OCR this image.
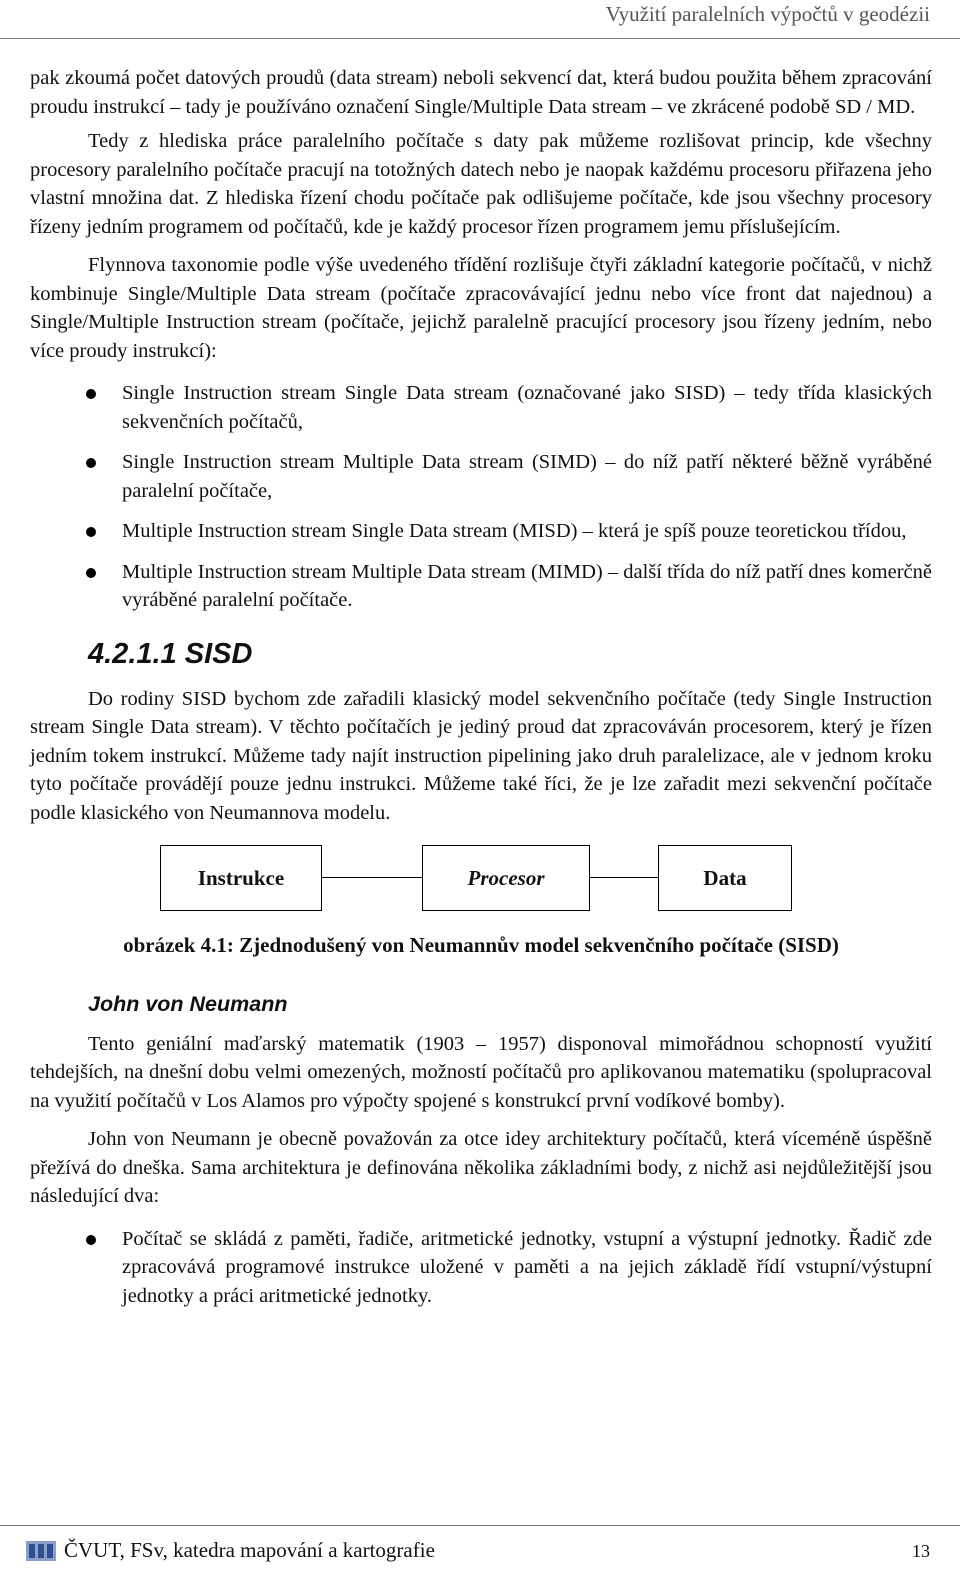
Využití paralelních výpočtů v geodézii

pak zkoumá počet datových proudů (data stream) neboli sekvencí dat, která budou použita během zpracování proudu instrukcí – tady je používáno označení Single/Multiple Data stream – ve zkrácené podobě SD / MD.

Tedy z hlediska práce paralelního počítače s daty pak můžeme rozlišovat princip, kde všechny procesory paralelního počítače pracují na totožných datech nebo je naopak každému procesoru přiřazena jeho vlastní množina dat. Z hlediska řízení chodu počítače pak odlišujeme počítače, kde jsou všechny procesory řízeny jedním programem od počítačů, kde je každý procesor řízen programem jemu příslušejícím.

Flynnova taxonomie podle výše uvedeného třídění rozlišuje čtyři základní kategorie počítačů, v nichž kombinuje Single/Multiple Data stream (počítače zpracovávající jednu nebo více front dat najednou) a Single/Multiple Instruction stream (počítače, jejichž paralelně pracující procesory jsou řízeny jedním, nebo více proudy instrukcí):

Single Instruction stream Single Data stream (označované jako SISD) – tedy třída klasických sekvenčních počítačů,
Single Instruction stream Multiple Data stream (SIMD) – do níž patří některé běžně vyráběné paralelní počítače,
Multiple Instruction stream Single Data stream (MISD) – která je spíš pouze teoretickou třídou,
Multiple Instruction stream Multiple Data stream (MIMD) – další třída do níž patří dnes komerčně vyráběné paralelní počítače.
4.2.1.1 SISD

Do rodiny SISD bychom zde zařadili klasický model sekvenčního počítače (tedy Single Instruction stream Single Data stream). V těchto počítačích je jediný proud dat zpracováván procesorem, který je řízen jedním tokem instrukcí. Můžeme tady najít instruction pipelining jako druh paralelizace, ale v jednom kroku tyto počítače provádějí pouze jednu instrukci. Můžeme také říci, že je lze zařadit mezi sekvenční počítače podle klasického von Neumannova modelu.

Instrukce	Procesor	Data
obrázek 4.1: Zjednodušený von Neumannův model sekvenčního počítače (SISD)
John von Neumann

Tento geniální maďarský matematik (1903 – 1957) disponoval mimořádnou schopností využití tehdejších, na dnešní dobu velmi omezených, možností počítačů pro aplikovanou matematiku (spolupracoval na využití počítačů v Los Alamos pro výpočty spojené s konstrukcí první vodíkové bomby).

John von Neumann je obecně považován za otce idey architektury počítačů, která víceméně úspěšně přežívá do dneška. Sama architektura je definována několika základními body, z nichž asi nejdůležitější jsou následující dva:

Počítač se skládá z paměti, řadiče, aritmetické jednotky, vstupní a výstupní jednotky. Řadič zde zpracovává programové instrukce uložené v paměti a na jejich základě řídí vstupní/výstupní jednotky a práci aritmetické jednotky.
ČVUT, FSv, katedra mapování a kartografie	13
